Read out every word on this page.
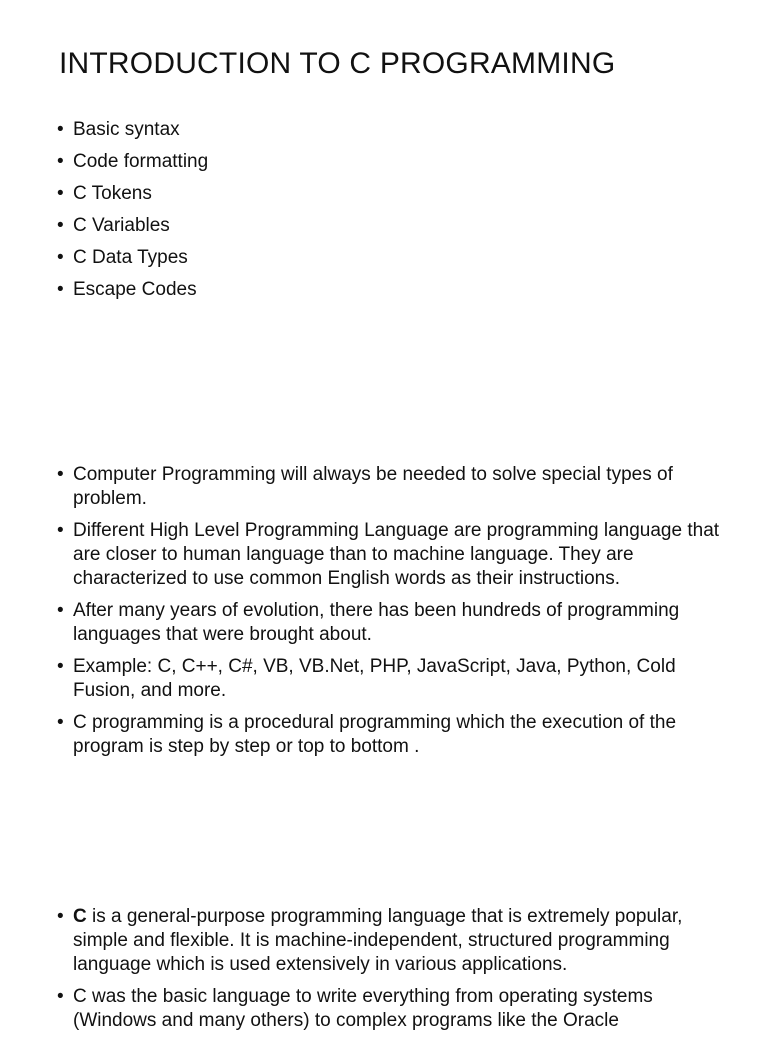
INTRODUCTION TO C PROGRAMMING
• Basic syntax
• Code formatting
• C Tokens
• C Variables
• C Data Types
• Escape Codes
• Computer Programming will always be needed to solve special types of problem.
• Different High Level Programming Language are programming language that are closer to human language than to machine language. They are characterized to use common English words as their instructions.
• After many years of evolution, there has been hundreds of programming languages that were brought about.
• Example: C, C++, C#, VB, VB.Net, PHP, JavaScript, Java, Python, Cold Fusion, and more.
• C programming is a procedural programming which the execution of the program is step by step or top to bottom .
• C is a general-purpose programming language that is extremely popular, simple and flexible. It is machine-independent, structured programming language which is used extensively in various applications.
• C was the basic language to write everything from operating systems (Windows and many others) to complex programs like the Oracle
